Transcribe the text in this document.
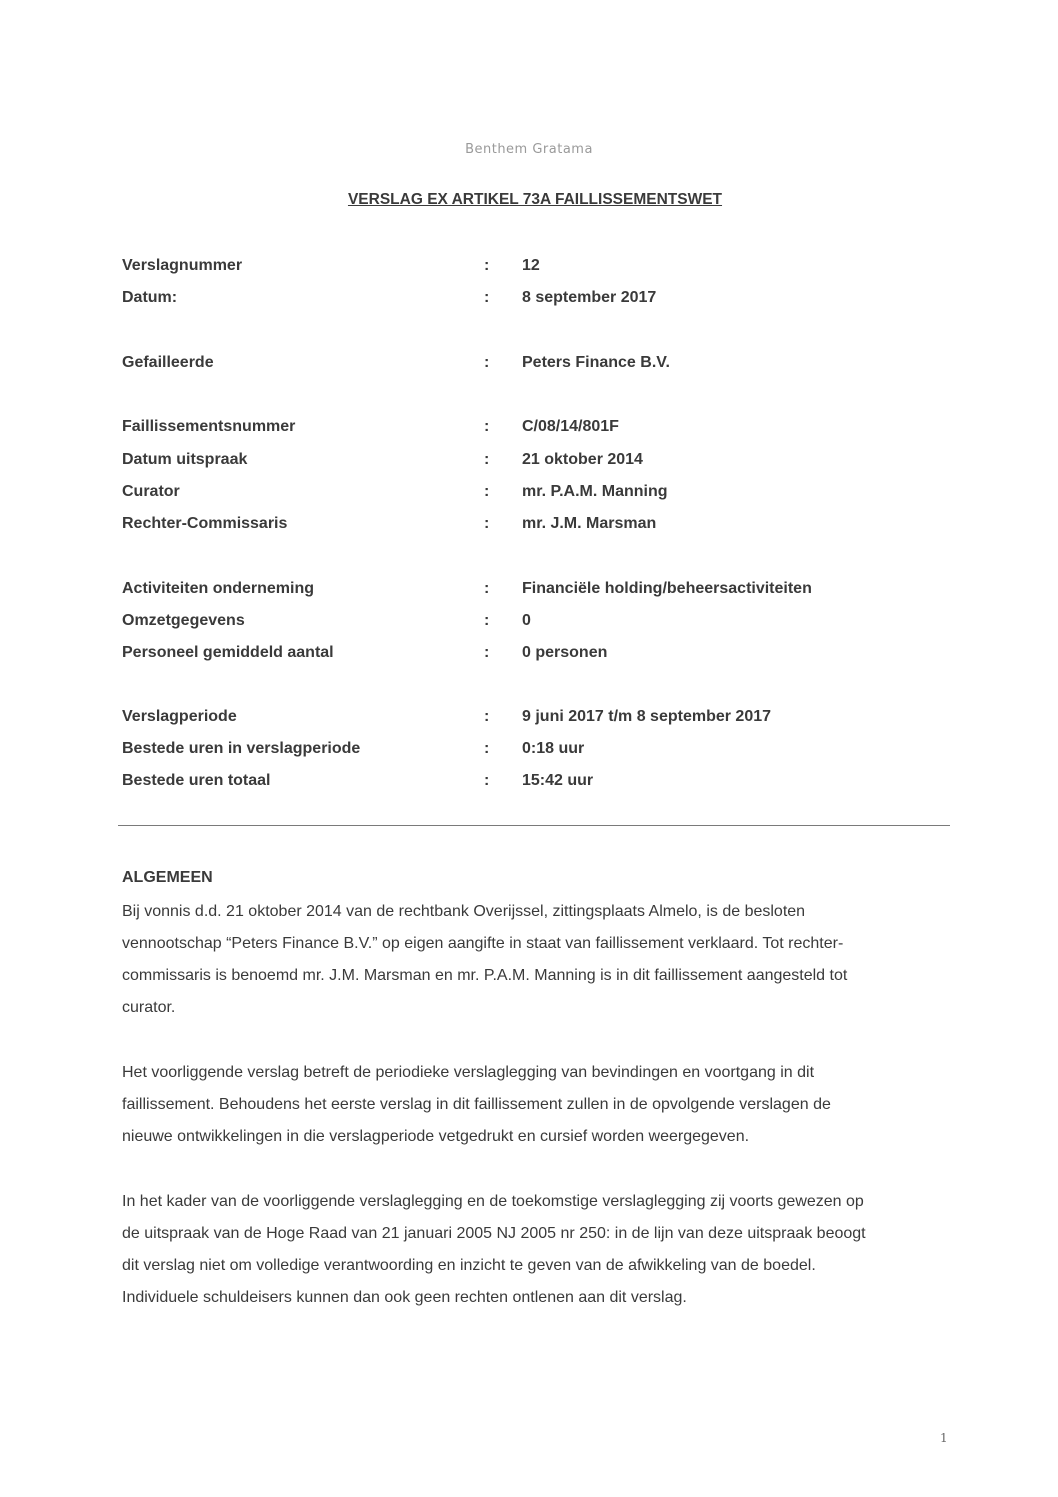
Benthem Gratama
VERSLAG EX ARTIKEL 73A FAILLISSEMENTSWET
Verslagnummer	: 12
Datum:	: 8 september 2017
Gefailleerde	: Peters Finance B.V.
Faillissementsnummer	: C/08/14/801F
Datum uitspraak	: 21 oktober 2014
Curator	: mr. P.A.M. Manning
Rechter-Commissaris	: mr. J.M. Marsman
Activiteiten onderneming	: Financiële holding/beheersactiviteiten
Omzetgegevens	: 0
Personeel gemiddeld aantal	: 0 personen
Verslagperiode	: 9 juni 2017 t/m 8 september 2017
Bestede uren in verslagperiode	: 0:18 uur
Bestede uren totaal	: 15:42 uur
ALGEMEEN
Bij vonnis d.d. 21 oktober 2014 van de rechtbank Overijssel, zittingsplaats Almelo, is de besloten
vennootschap “Peters Finance B.V.” op eigen aangifte in staat van faillissement verklaard. Tot rechter-
commissaris is benoemd mr. J.M. Marsman en mr. P.A.M. Manning is in dit faillissement aangesteld tot
curator.
Het voorliggende verslag betreft de periodieke verslaglegging van bevindingen en voortgang in dit
faillissement. Behoudens het eerste verslag in dit faillissement zullen in de opvolgende verslagen de
nieuwe ontwikkelingen in die verslagperiode vetgedrukt en cursief worden weergegeven.
In het kader van de voorliggende verslaglegging en de toekomstige verslaglegging zij voorts gewezen op
de uitspraak van de Hoge Raad van 21 januari 2005 NJ 2005 nr 250: in de lijn van deze uitspraak beoogt
dit verslag niet om volledige verantwoording en inzicht te geven van de afwikkeling van de boedel.
Individuele schuldeisers kunnen dan ook geen rechten ontlenen aan dit verslag.
1
